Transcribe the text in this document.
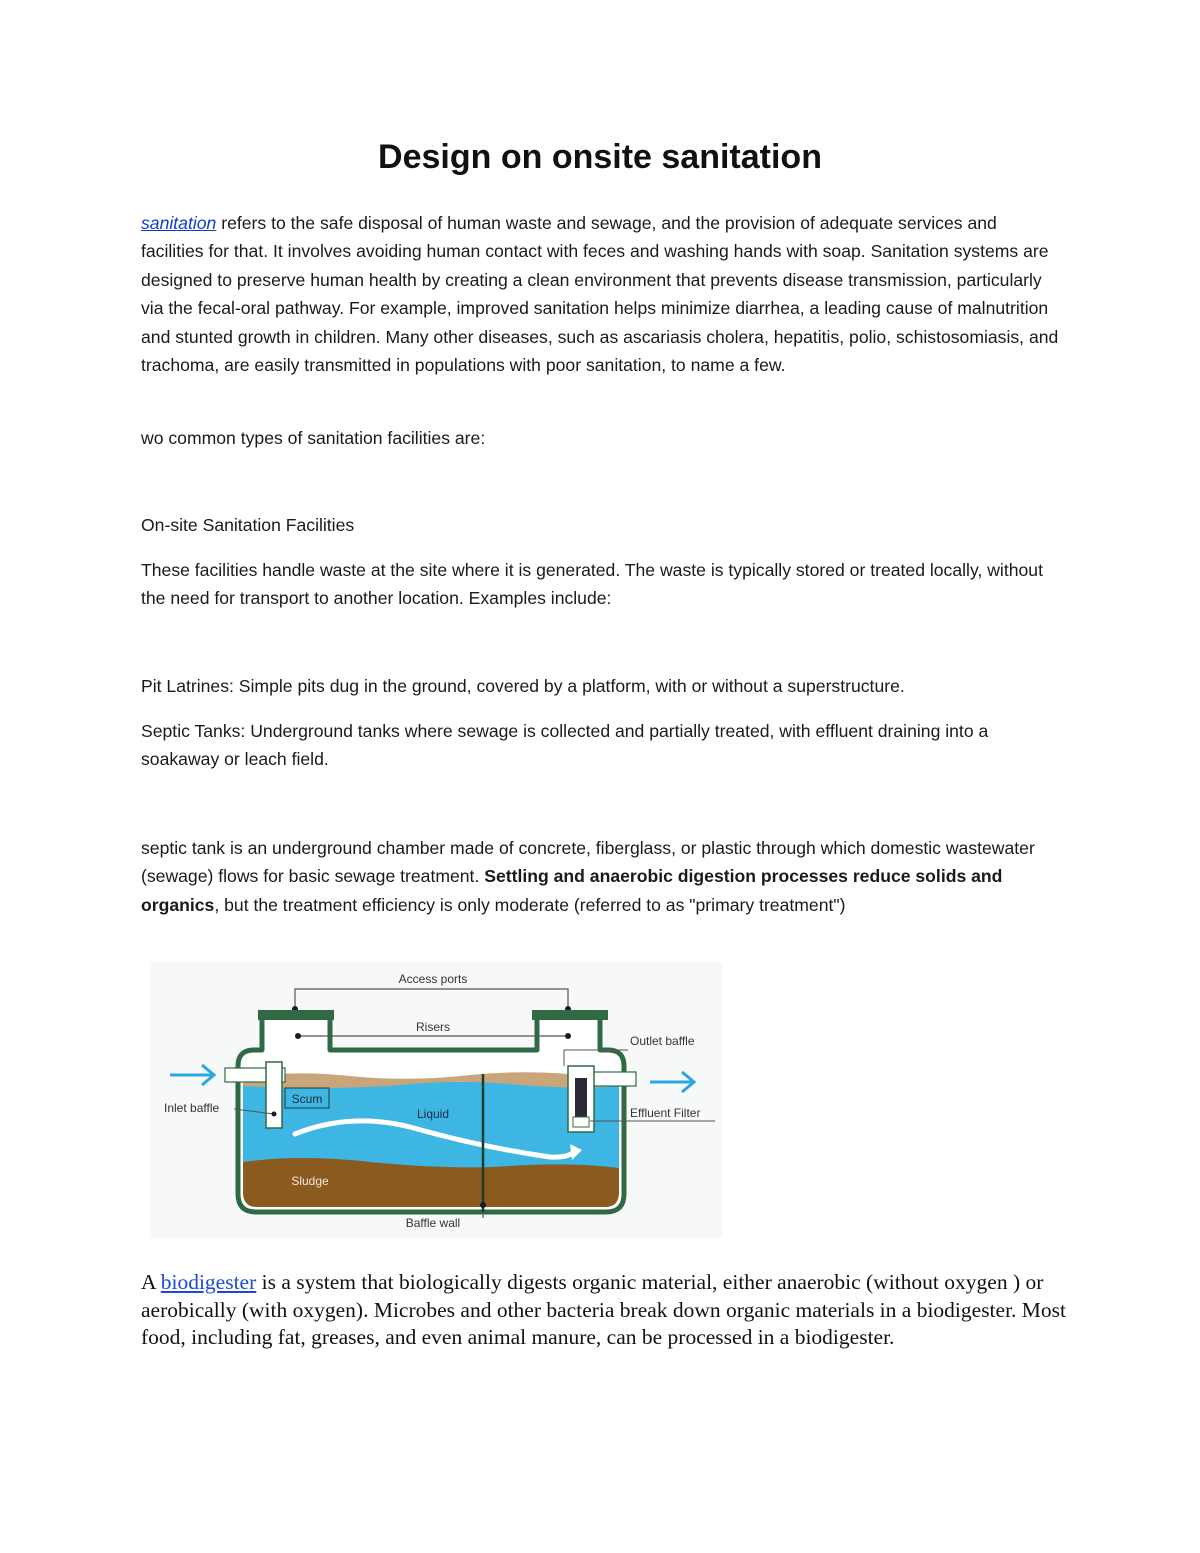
Design on onsite sanitation

sanitation refers to the safe disposal of human waste and sewage, and the provision of adequate services and facilities for that. It involves avoiding human contact with feces and washing hands with soap. Sanitation systems are designed to preserve human health by creating a clean environment that prevents disease transmission, particularly via the fecal-oral pathway. For example, improved sanitation helps minimize diarrhea, a leading cause of malnutrition and stunted growth in children. Many other diseases, such as ascariasis cholera, hepatitis, polio, schistosomiasis, and trachoma, are easily transmitted in populations with poor sanitation, to name a few.

wo common types of sanitation facilities are:

On-site Sanitation Facilities

These facilities handle waste at the site where it is generated. The waste is typically stored or treated locally, without the need for transport to another location. Examples include:

Pit Latrines: Simple pits dug in the ground, covered by a platform, with or without a superstructure.

Septic Tanks: Underground tanks where sewage is collected and partially treated, with effluent draining into a soakaway or leach field.

septic tank is an underground chamber made of concrete, fiberglass, or plastic through which domestic wastewater (sewage) flows for basic sewage treatment. Settling and anaerobic digestion processes reduce solids and organics, but the treatment efficiency is only moderate (referred to as "primary treatment")

Access ports
Risers
Baffle wall
Inlet baffle
Scum
Liquid
Sludge
Outlet baffle
Effluent Filter

A biodigester is a system that biologically digests organic material, either anaerobic (without oxygen ) or aerobically (with oxygen). Microbes and other bacteria break down organic materials in a biodigester. Most food, including fat, greases, and even animal manure, can be processed in a biodigester.
